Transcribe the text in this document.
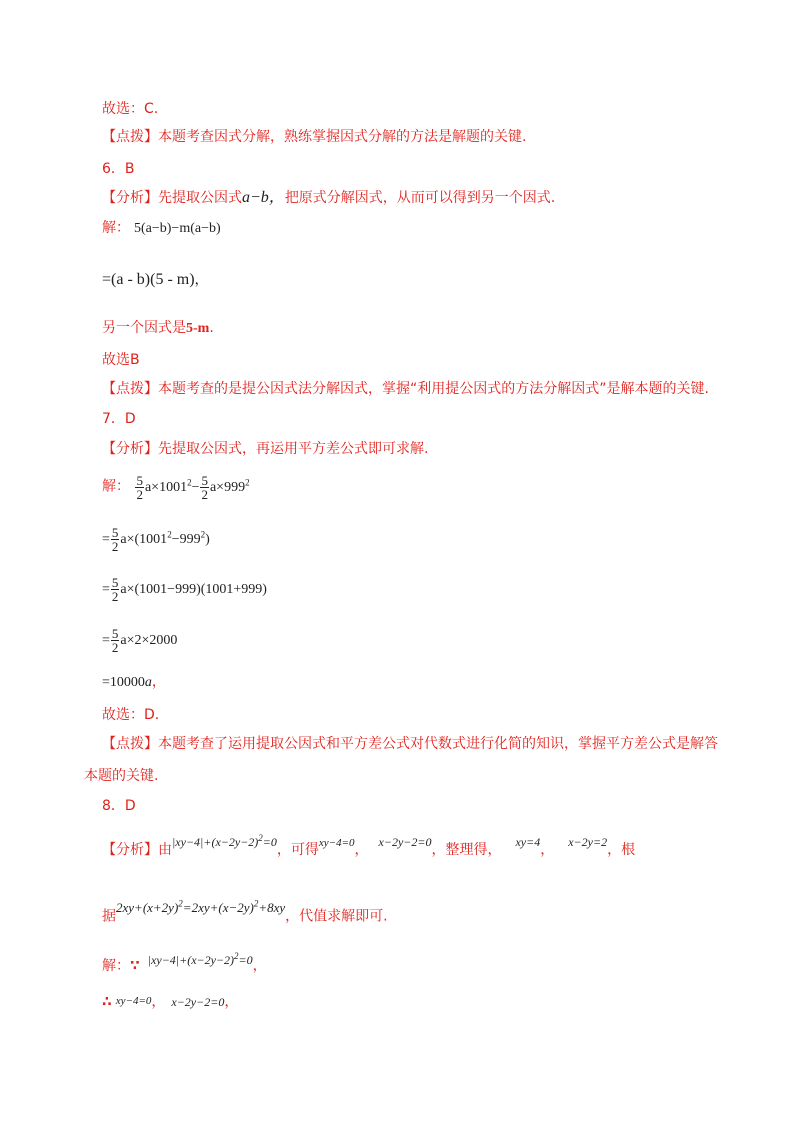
故选：C.
【点拨】本题考查因式分解，熟练掌握因式分解的方法是解题的关键.
6．B
【分析】先提取公因式a−b，把原式分解因式，从而可以得到另一个因式.
解： 5(a−b)−m(a−b)
=(a - b)(5 - m)，
另一个因式是5-m.
故选B
【点拨】本题考查的是提公因式法分解因式，掌握“利用提公因式的方法分解因式”是解本题的关键.
7．D
【分析】先提取公因式，再运用平方差公式即可求解.
解： $\frac{5}{2} a\times 1001^2- \frac{5}{2} a\times 999^2$
= $\frac{5}{2} a\times(1001^2-999^2)$
= $\frac{5}{2} a\times(1001-999)(1001+999)$
= $\frac{5}{2} a\times 2\times 2000$
=10000a，
故选：D.
【点拨】本题考查了运用提取公因式和平方差公式对代数式进行化简的知识，掌握平方差公式是解答
本题的关键.
8．D
【分析】由$|xy-4|+(x-2y-2)^2=0$，可得$^{xy-4=0}$， x−2y−2=0，整理得， xy=4， x−2y=2，根
据$2xy+(x+2y)^2=2xy+(x-2y)^2+8xy$，代值求解即可.
解：∵ $|xy-4|+(x-2y-2)^2=0$，
∴ xy−4=0， x−2y−2=0，
